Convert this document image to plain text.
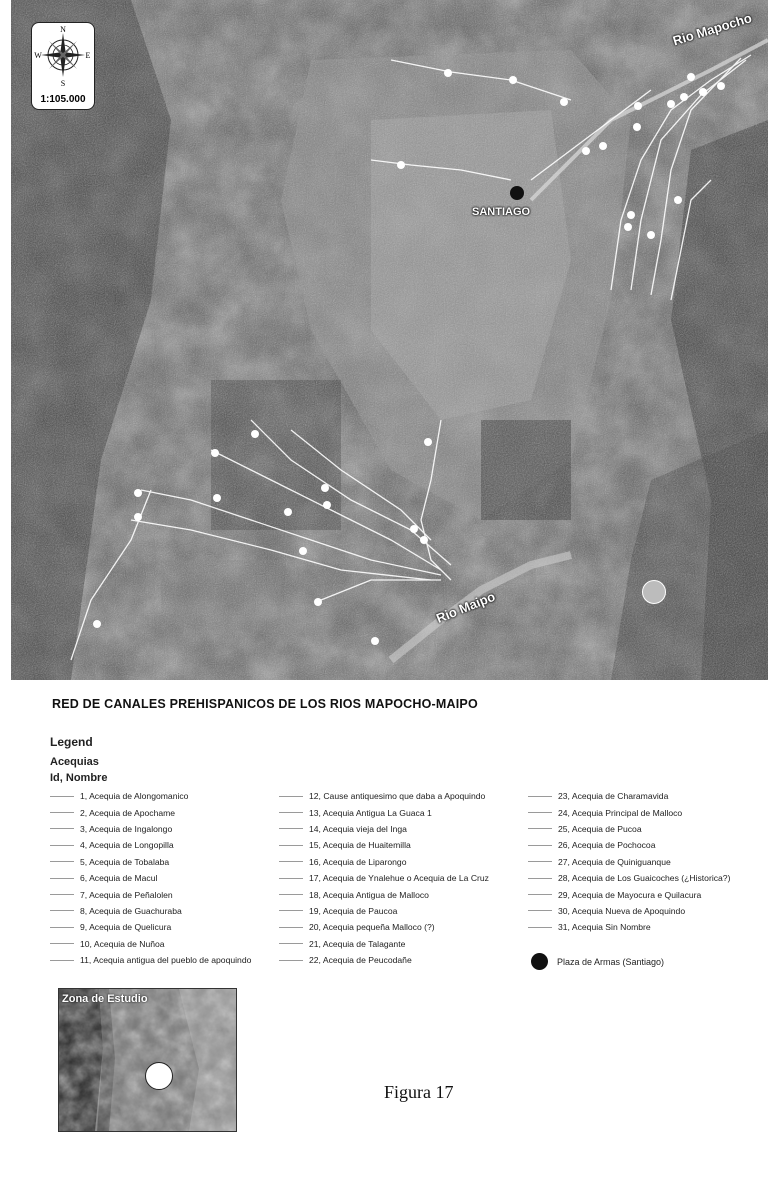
N
S
E
W
1:105.000
Rio Mapocho
SANTIAGO
Rio Maipo
RED DE CANALES PREHISPANICOS DE LOS RIOS MAPOCHO-MAIPO
Legend
Acequias
Id, Nombre
1, Acequia de Alongomanico
2, Acequia de Apochame
3, Acequia de Ingalongo
4, Acequia de Longopilla
5, Acequia de Tobalaba
6, Acequia de Macul
7, Acequia de Peñalolen
8, Acequia de Guachuraba
9, Acequia de Quelicura
10, Acequia de Nuñoa
11, Acequia antigua del pueblo de apoquindo
12, Cause antiquesimo que daba a Apoquindo
13, Acequia Antigua La Guaca 1
14, Acequia vieja del Inga
15, Acequia de Huaitemilla
16, Acequia de Liparongo
17, Acequia de Ynalehue o Acequia de La Cruz
18, Acequia Antigua de Malloco
19, Acequia de Paucoa
20, Acequia pequeña Malloco (?)
21, Acequia de Talagante
22, Acequia de Peucodañe
23, Acequia de Charamavida
24, Acequia Principal de Malloco
25, Acequia de Pucoa
26, Acequia de Pochocoa
27, Acequia de Quiniguanque
28, Acequia de Los Guaicoches (¿Historica?)
29, Acequia de Mayocura e Quilacura
30, Acequia Nueva de Apoquindo
31, Acequia Sin Nombre
Plaza de Armas (Santiago)
Zona de Estudio
Figura 17
